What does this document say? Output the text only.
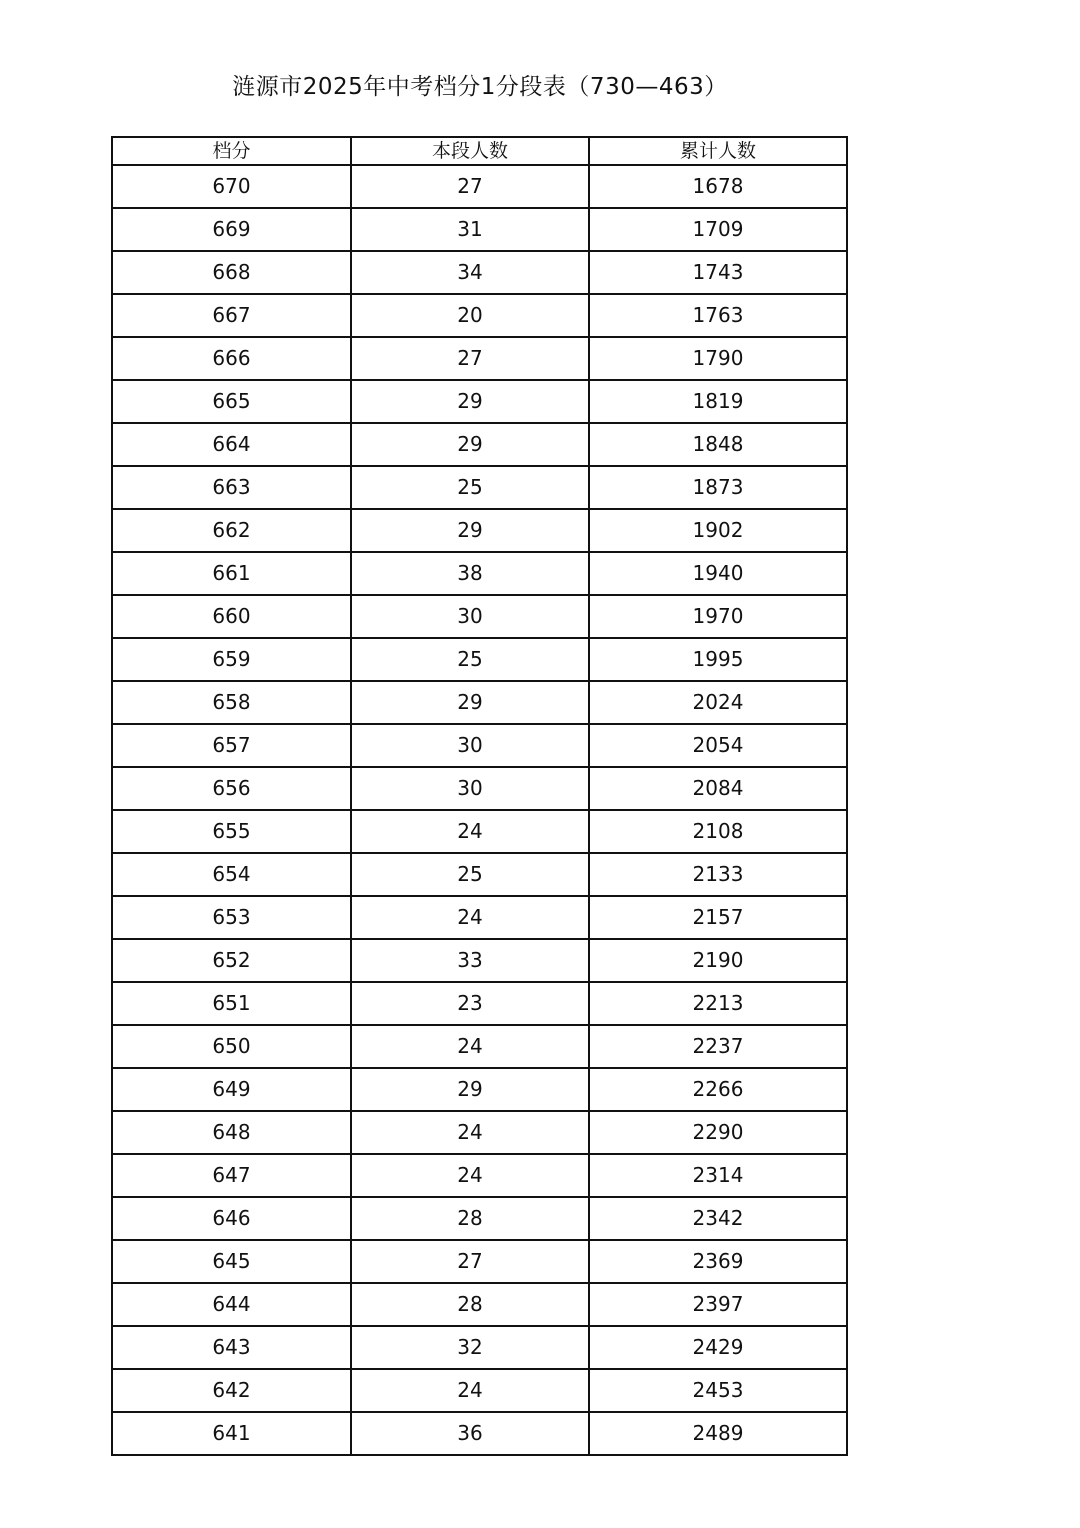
涟源市2025年中考档分1分段表（730—463）
档分	本段人数	累计人数
670	27	1678
669	31	1709
668	34	1743
667	20	1763
666	27	1790
665	29	1819
664	29	1848
663	25	1873
662	29	1902
661	38	1940
660	30	1970
659	25	1995
658	29	2024
657	30	2054
656	30	2084
655	24	2108
654	25	2133
653	24	2157
652	33	2190
651	23	2213
650	24	2237
649	29	2266
648	24	2290
647	24	2314
646	28	2342
645	27	2369
644	28	2397
643	32	2429
642	24	2453
641	36	2489
